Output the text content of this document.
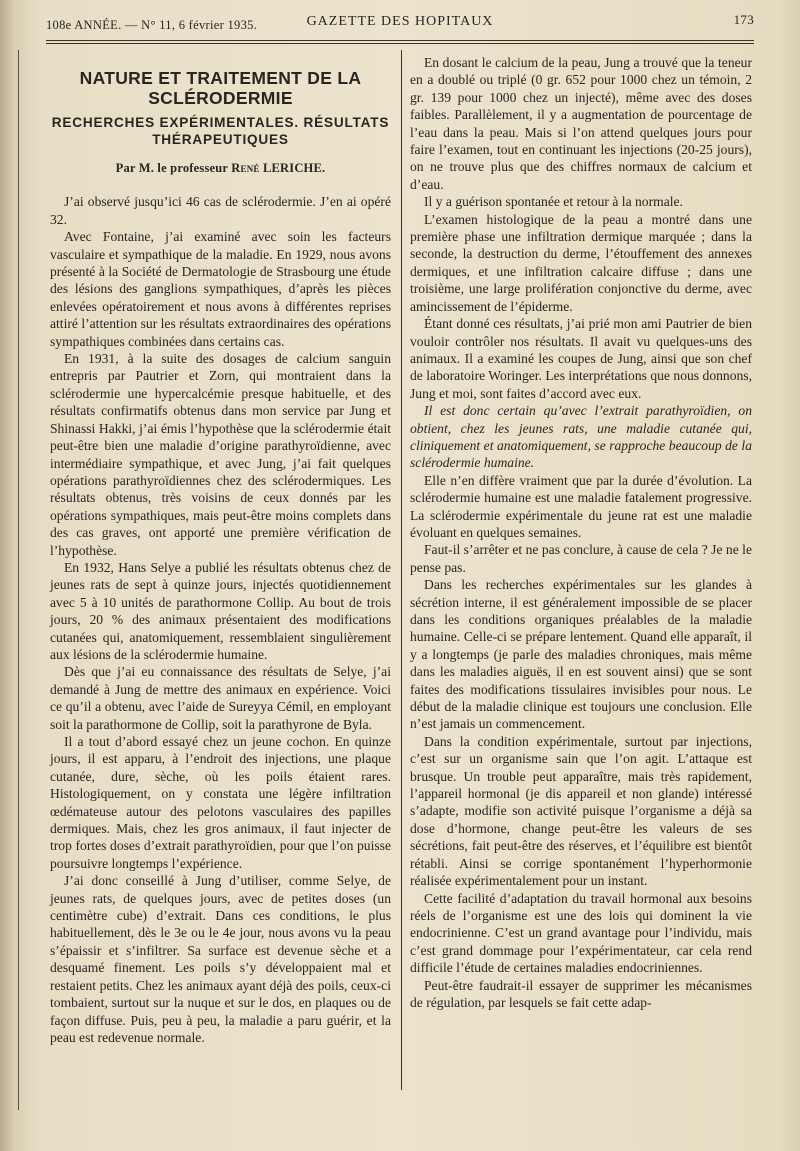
108e ANNÉE. — N° 11, 6 février 1935.	GAZETTE DES HOPITAUX	173
NATURE ET TRAITEMENT DE LA SCLÉRODERMIE
RECHERCHES EXPÉRIMENTALES. RÉSULTATS THÉRAPEUTIQUES
Par M. le professeur René LERICHE.

J’ai observé jusqu’ici 46 cas de sclérodermie. J’en ai opéré 32.

Avec Fontaine, j’ai examiné avec soin les facteurs vasculaire et sympathique de la maladie. En 1929, nous avons présenté à la Société de Dermatologie de Strasbourg une étude des lésions des ganglions sympathiques, d’après les pièces enlevées opératoirement et nous avons à différentes reprises attiré l’attention sur les résultats extraordinaires des opérations sympathiques combinées dans certains cas.

En 1931, à la suite des dosages de calcium sanguin entrepris par Pautrier et Zorn, qui montraient dans la sclérodermie une hypercalcémie presque habituelle, et des résultats confirmatifs obtenus dans mon service par Jung et Shinassi Hakki, j’ai émis l’hypothèse que la sclérodermie était peut-être bien une maladie d’origine parathyroïdienne, avec intermédiaire sympathique, et avec Jung, j’ai fait quelques opérations parathyroïdiennes chez des sclérodermiques. Les résultats obtenus, très voisins de ceux donnés par les opérations sympathiques, mais peut-être moins complets dans des cas graves, ont apporté une première vérification de l’hypothèse.

En 1932, Hans Selye a publié les résultats obtenus chez de jeunes rats de sept à quinze jours, injectés quotidiennement avec 5 à 10 unités de parathormone Collip. Au bout de trois jours, 20 % des animaux présentaient des modifications cutanées qui, anatomiquement, ressemblaient singulièrement aux lésions de la sclérodermie humaine.

Dès que j’ai eu connaissance des résultats de Selye, j’ai demandé à Jung de mettre des animaux en expérience. Voici ce qu’il a obtenu, avec l’aide de Sureyya Cémil, en employant soit la parathormone de Collip, soit la parathyrone de Byla.

Il a tout d’abord essayé chez un jeune cochon. En quinze jours, il est apparu, à l’endroit des injections, une plaque cutanée, dure, sèche, où les poils étaient rares. Histologiquement, on y constata une légère infiltration œdémateuse autour des pelotons vasculaires des papilles dermiques. Mais, chez les gros animaux, il faut injecter de trop fortes doses d’extrait parathyroïdien, pour que l’on puisse poursuivre longtemps l’expérience.

J’ai donc conseillé à Jung d’utiliser, comme Selye, de jeunes rats, de quelques jours, avec de petites doses (un centimètre cube) d’extrait. Dans ces conditions, le plus habituellement, dès le 3e ou le 4e jour, nous avons vu la peau s’épaissir et s’infiltrer. Sa surface est devenue sèche et a desquamé finement. Les poils s’y développaient mal et restaient petits. Chez les animaux ayant déjà des poils, ceux-ci tombaient, surtout sur la nuque et sur le dos, en plaques ou de façon diffuse. Puis, peu à peu, la maladie a paru guérir, et la peau est redevenue normale.

En dosant le calcium de la peau, Jung a trouvé que la teneur en a doublé ou triplé (0 gr. 652 pour 1000 chez un témoin, 2 gr. 139 pour 1000 chez un injecté), même avec des doses faibles. Parallèlement, il y a augmentation de pourcentage de l’eau dans la peau. Mais si l’on attend quelques jours pour faire l’examen, tout en continuant les injections (20-25 jours), on ne trouve plus que des chiffres normaux de calcium et d’eau.

Il y a guérison spontanée et retour à la normale.

L’examen histologique de la peau a montré dans une première phase une infiltration dermique marquée ; dans la seconde, la destruction du derme, l’étouffement des annexes dermiques, et une infiltration calcaire diffuse ; dans une troisième, une large prolifération conjonctive du derme, avec amincissement de l’épiderme.

Étant donné ces résultats, j’ai prié mon ami Pautrier de bien vouloir contrôler nos résultats. Il avait vu quelques-uns des animaux. Il a examiné les coupes de Jung, ainsi que son chef de laboratoire Woringer. Les interprétations que nous donnons, Jung et moi, sont faites d’accord avec eux.

Il est donc certain qu’avec l’extrait parathyroïdien, on obtient, chez les jeunes rats, une maladie cutanée qui, cliniquement et anatomiquement, se rapproche beaucoup de la sclérodermie humaine.

Elle n’en diffère vraiment que par la durée d’évolution. La sclérodermie humaine est une maladie fatalement progressive. La sclérodermie expérimentale du jeune rat est une maladie évoluant en quelques semaines.

Faut-il s’arrêter et ne pas conclure, à cause de cela ? Je ne le pense pas.

Dans les recherches expérimentales sur les glandes à sécrétion interne, il est généralement impossible de se placer dans les conditions organiques préalables de la maladie humaine. Celle-ci se prépare lentement. Quand elle apparaît, il y a longtemps (je parle des maladies chroniques, mais même dans les maladies aiguës, il en est souvent ainsi) que se sont faites des modifications tissulaires invisibles pour nous. Le début de la maladie clinique est toujours une conclusion. Elle n’est jamais un commencement.

Dans la condition expérimentale, surtout par injections, c’est sur un organisme sain que l’on agit. L’attaque est brusque. Un trouble peut apparaître, mais très rapidement, l’appareil hormonal (je dis appareil et non glande) intéressé s’adapte, modifie son activité puisque l’organisme a déjà sa dose d’hormone, change peut-être les valeurs de ses sécrétions, fait peut-être des réserves, et l’équilibre est bientôt rétabli. Ainsi se corrige spontanément l’hyperhormonie réalisée expérimentalement pour un instant.

Cette facilité d’adaptation du travail hormonal aux besoins réels de l’organisme est une des lois qui dominent la vie endocrinienne. C’est un grand avantage pour l’individu, mais c’est grand dommage pour l’expérimentateur, car cela rend difficile l’étude de certaines maladies endocriniennes.

Peut-être faudrait-il essayer de supprimer les mécanismes de régulation, par lesquels se fait cette adap-
